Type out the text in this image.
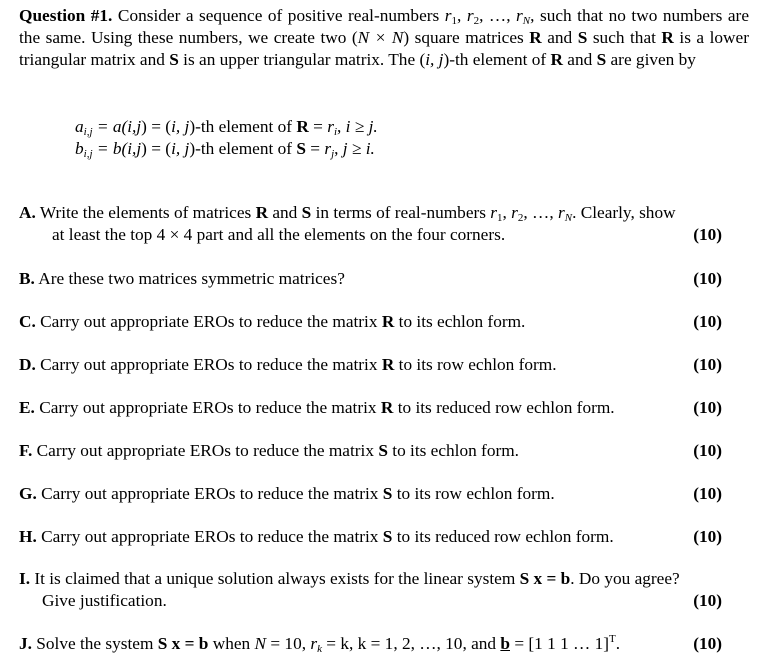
Question #1. Consider a sequence of positive real-numbers $r_1$, $r_2$, …, $r_N$, such that no two numbers are the same. Using these numbers, we create two (N × N) square matrices R and S such that R is a lower triangular matrix and S is an upper triangular matrix. The (i, j)-th element of R and S are given by

$a_{i,j} = a(i,j) = (i$, j)-th element of $R = r_i$, i ≥ j.
$b_{i,j} = b(i,j) = (i$, j)-th element of $S = r_j$, j ≥ i.
A. Write the elements of matrices R and S in terms of real-numbers $r_1$, $r_2$, …, $r_N$. Clearly, show
at least the top 4 × 4 part and all the elements on the four corners.	(10)
B. Are these two matrices symmetric matrices?	(10)
C. Carry out appropriate EROs to reduce the matrix R to its echlon form.	(10)
D. Carry out appropriate EROs to reduce the matrix R to its row echlon form.	(10)
E. Carry out appropriate EROs to reduce the matrix R to its reduced row echlon form.	(10)
F. Carry out appropriate EROs to reduce the matrix S to its echlon form.	(10)
G. Carry out appropriate EROs to reduce the matrix S to its row echlon form.	(10)
H. Carry out appropriate EROs to reduce the matrix S to its reduced row echlon form.	(10)
I. It is claimed that a unique solution always exists for the linear system S x = b. Do you agree?
Give justification.	(10)
J. Solve the system S x = b when N = 10, $r_k = k$, k = 1, 2, …, 10, and b = [1 1 1 … 1]$^T$.	(10)
